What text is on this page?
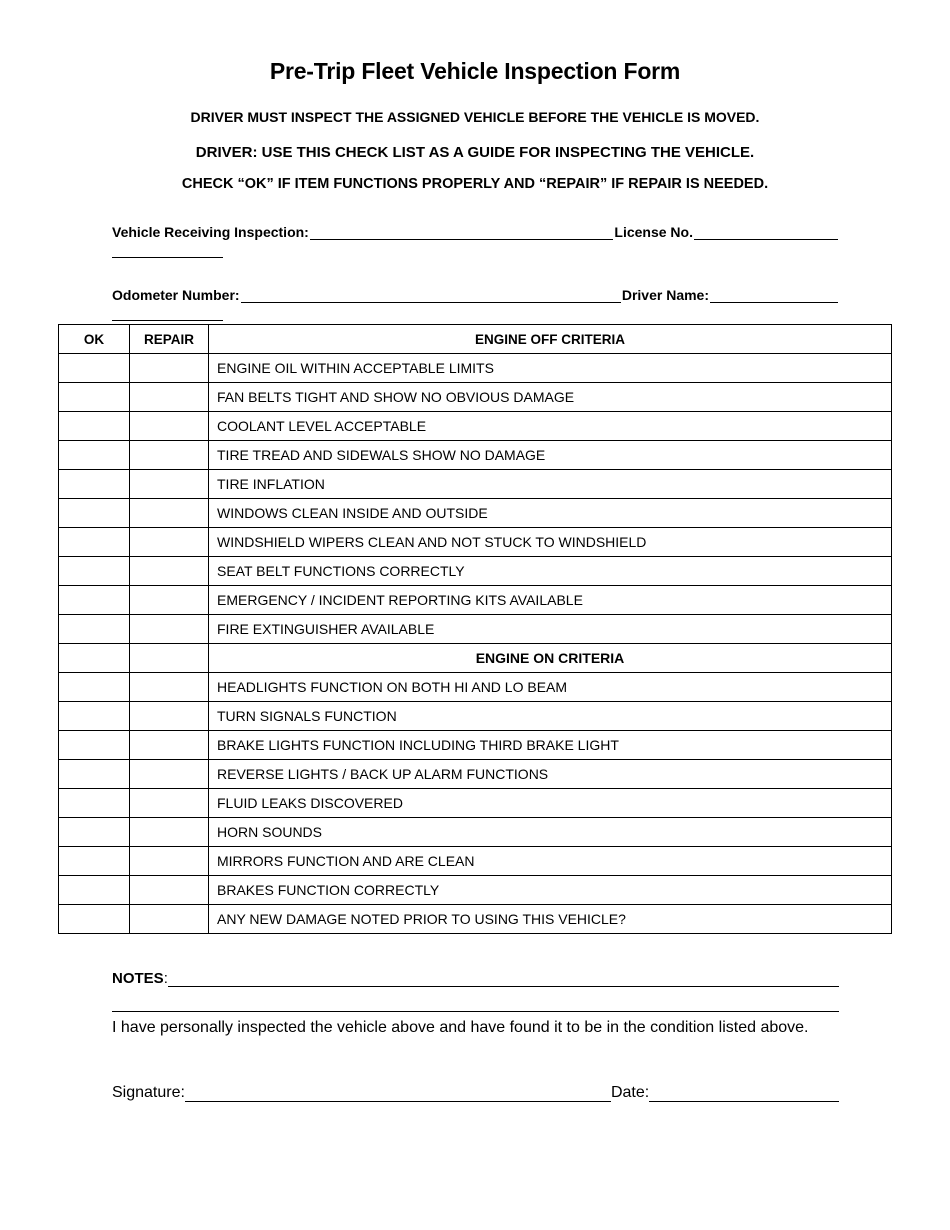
Pre-Trip Fleet Vehicle Inspection Form
DRIVER MUST INSPECT THE ASSIGNED VEHICLE BEFORE THE VEHICLE IS MOVED.
DRIVER: USE THIS CHECK LIST AS A GUIDE FOR INSPECTING THE VEHICLE.
CHECK “OK” IF ITEM FUNCTIONS PROPERLY AND “REPAIR” IF REPAIR IS NEEDED.
Vehicle Receiving Inspection:	License No.
Odometer Number:	Driver Name:
OK	REPAIR	ENGINE OFF CRITERIA
		ENGINE OIL WITHIN ACCEPTABLE LIMITS
		FAN BELTS TIGHT AND SHOW NO OBVIOUS DAMAGE
		COOLANT LEVEL ACCEPTABLE
		TIRE TREAD AND SIDEWALS SHOW NO DAMAGE
		TIRE INFLATION
		WINDOWS CLEAN INSIDE AND OUTSIDE
		WINDSHIELD WIPERS CLEAN AND NOT STUCK TO WINDSHIELD
		SEAT BELT FUNCTIONS CORRECTLY
		EMERGENCY / INCIDENT REPORTING KITS AVAILABLE
		FIRE EXTINGUISHER AVAILABLE
		ENGINE ON CRITERIA
		HEADLIGHTS FUNCTION ON BOTH HI AND LO BEAM
		TURN SIGNALS FUNCTION
		BRAKE LIGHTS FUNCTION INCLUDING THIRD BRAKE LIGHT
		REVERSE LIGHTS / BACK UP ALARM FUNCTIONS
		FLUID LEAKS DISCOVERED
		HORN SOUNDS
		MIRRORS FUNCTION AND ARE CLEAN
		BRAKES FUNCTION CORRECTLY
		ANY NEW DAMAGE NOTED PRIOR TO USING THIS VEHICLE?
NOTES :
I have personally inspected the vehicle above and have found it to be in the condition listed above.
Signature:	Date:
